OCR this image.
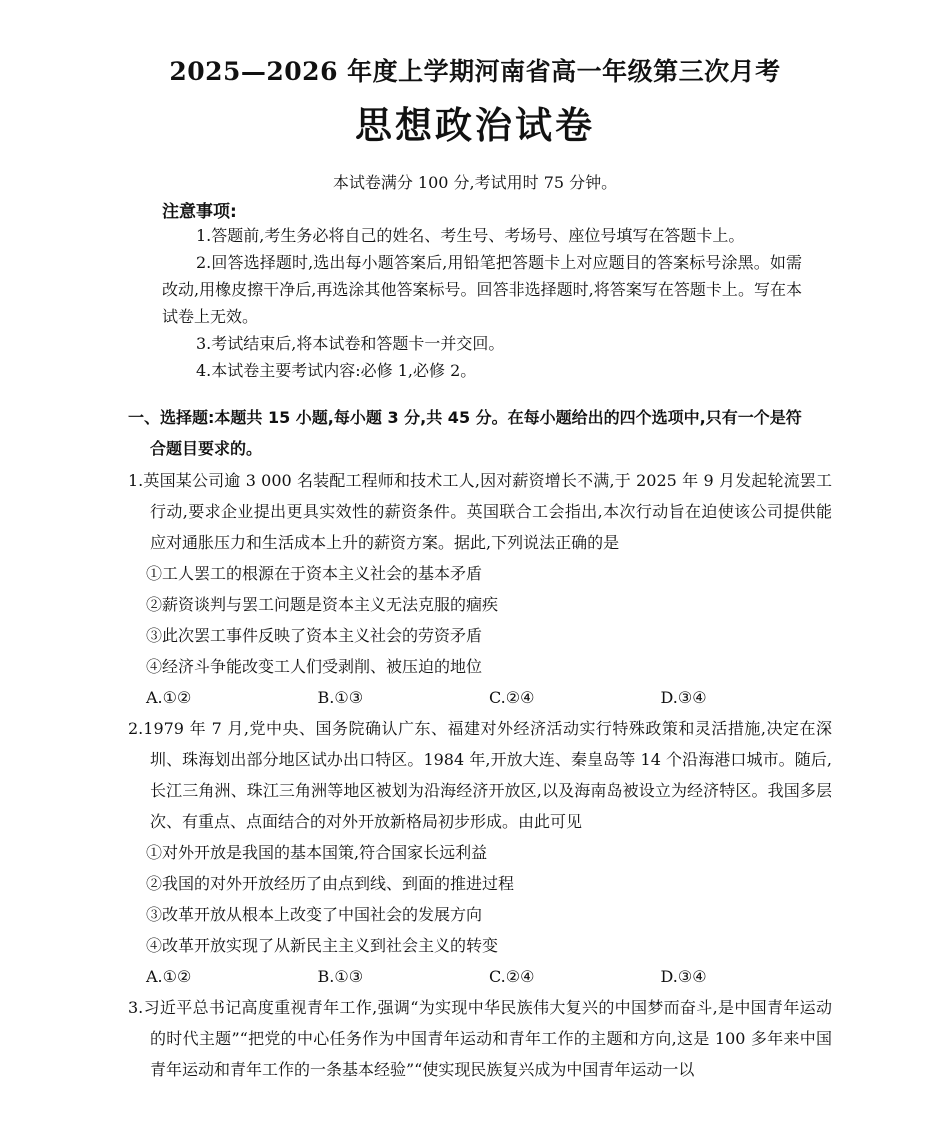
2025—2026 年度上学期河南省高一年级第三次月考
思想政治试卷
本试卷满分 100 分,考试用时 75 分钟。
注意事项:
1.答题前,考生务必将自己的姓名、考生号、考场号、座位号填写在答题卡上。
2.回答选择题时,选出每小题答案后,用铅笔把答题卡上对应题目的答案标号涂黑。如需改动,用橡皮擦干净后,再选涂其他答案标号。回答非选择题时,将答案写在答题卡上。写在本试卷上无效。
3.考试结束后,将本试卷和答题卡一并交回。
4.本试卷主要考试内容:必修 1,必修 2。
一、选择题:本题共 15 小题,每小题 3 分,共 45 分。在每小题给出的四个选项中,只有一个是符
合题目要求的。
1.英国某公司逾 3 000 名装配工程师和技术工人,因对薪资增长不满,于 2025 年 9 月发起轮流罢工行动,要求企业提出更具实效性的薪资条件。英国联合工会指出,本次行动旨在迫使该公司提供能应对通胀压力和生活成本上升的薪资方案。据此,下列说法正确的是
①工人罢工的根源在于资本主义社会的基本矛盾
②薪资谈判与罢工问题是资本主义无法克服的痼疾
③此次罢工事件反映了资本主义社会的劳资矛盾
④经济斗争能改变工人们受剥削、被压迫的地位
A.①②	B.①③	C.②④	D.③④
2.1979 年 7 月,党中央、国务院确认广东、福建对外经济活动实行特殊政策和灵活措施,决定在深圳、珠海划出部分地区试办出口特区。1984 年,开放大连、秦皇岛等 14 个沿海港口城市。随后,长江三角洲、珠江三角洲等地区被划为沿海经济开放区,以及海南岛被设立为经济特区。我国多层次、有重点、点面结合的对外开放新格局初步形成。由此可见
①对外开放是我国的基本国策,符合国家长远利益
②我国的对外开放经历了由点到线、到面的推进过程
③改革开放从根本上改变了中国社会的发展方向
④改革开放实现了从新民主主义到社会主义的转变
A.①②	B.①③	C.②④	D.③④
3.习近平总书记高度重视青年工作,强调“为实现中华民族伟大复兴的中国梦而奋斗,是中国青年运动的时代主题”“把党的中心任务作为中国青年运动和青年工作的主题和方向,这是 100 多年来中国青年运动和青年工作的一条基本经验”“使实现民族复兴成为中国青年运动一以
